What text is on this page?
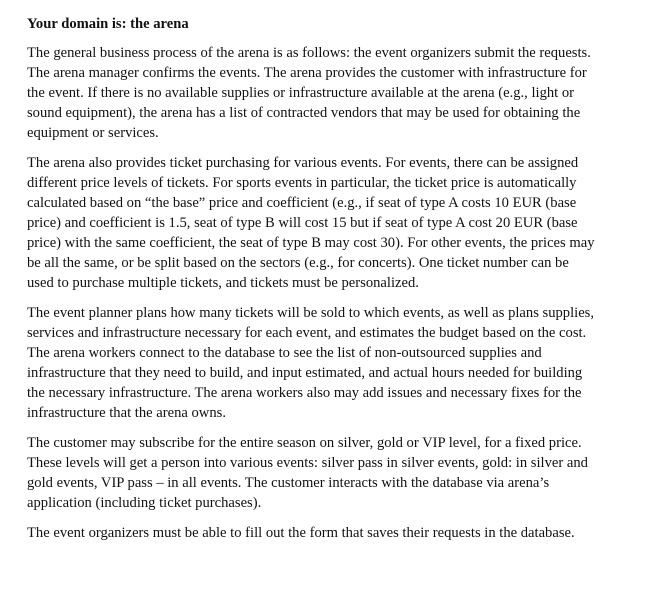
Your domain is: the arena
The general business process of the arena is as follows: the event organizers submit the requests.
The arena manager confirms the events. The arena provides the customer with infrastructure for
the event. If there is no available supplies or infrastructure available at the arena (e.g., light or
sound equipment), the arena has a list of contracted vendors that may be used for obtaining the
equipment or services.
The arena also provides ticket purchasing for various events. For events, there can be assigned
different price levels of tickets. For sports events in particular, the ticket price is automatically
calculated based on “the base” price and coefficient (e.g., if seat of type A costs 10 EUR (base
price) and coefficient is 1.5, seat of type B will cost 15 but if seat of type A cost 20 EUR (base
price) with the same coefficient, the seat of type B may cost 30). For other events, the prices may
be all the same, or be split based on the sectors (e.g., for concerts). One ticket number can be
used to purchase multiple tickets, and tickets must be personalized.
The event planner plans how many tickets will be sold to which events, as well as plans supplies,
services and infrastructure necessary for each event, and estimates the budget based on the cost.
The arena workers connect to the database to see the list of non-outsourced supplies and
infrastructure that they need to build, and input estimated, and actual hours needed for building
the necessary infrastructure. The arena workers also may add issues and necessary fixes for the
infrastructure that the arena owns.
The customer may subscribe for the entire season on silver, gold or VIP level, for a fixed price.
These levels will get a person into various events: silver pass in silver events, gold: in silver and
gold events, VIP pass – in all events. The customer interacts with the database via arena’s
application (including ticket purchases).
The event organizers must be able to fill out the form that saves their requests in the database.
